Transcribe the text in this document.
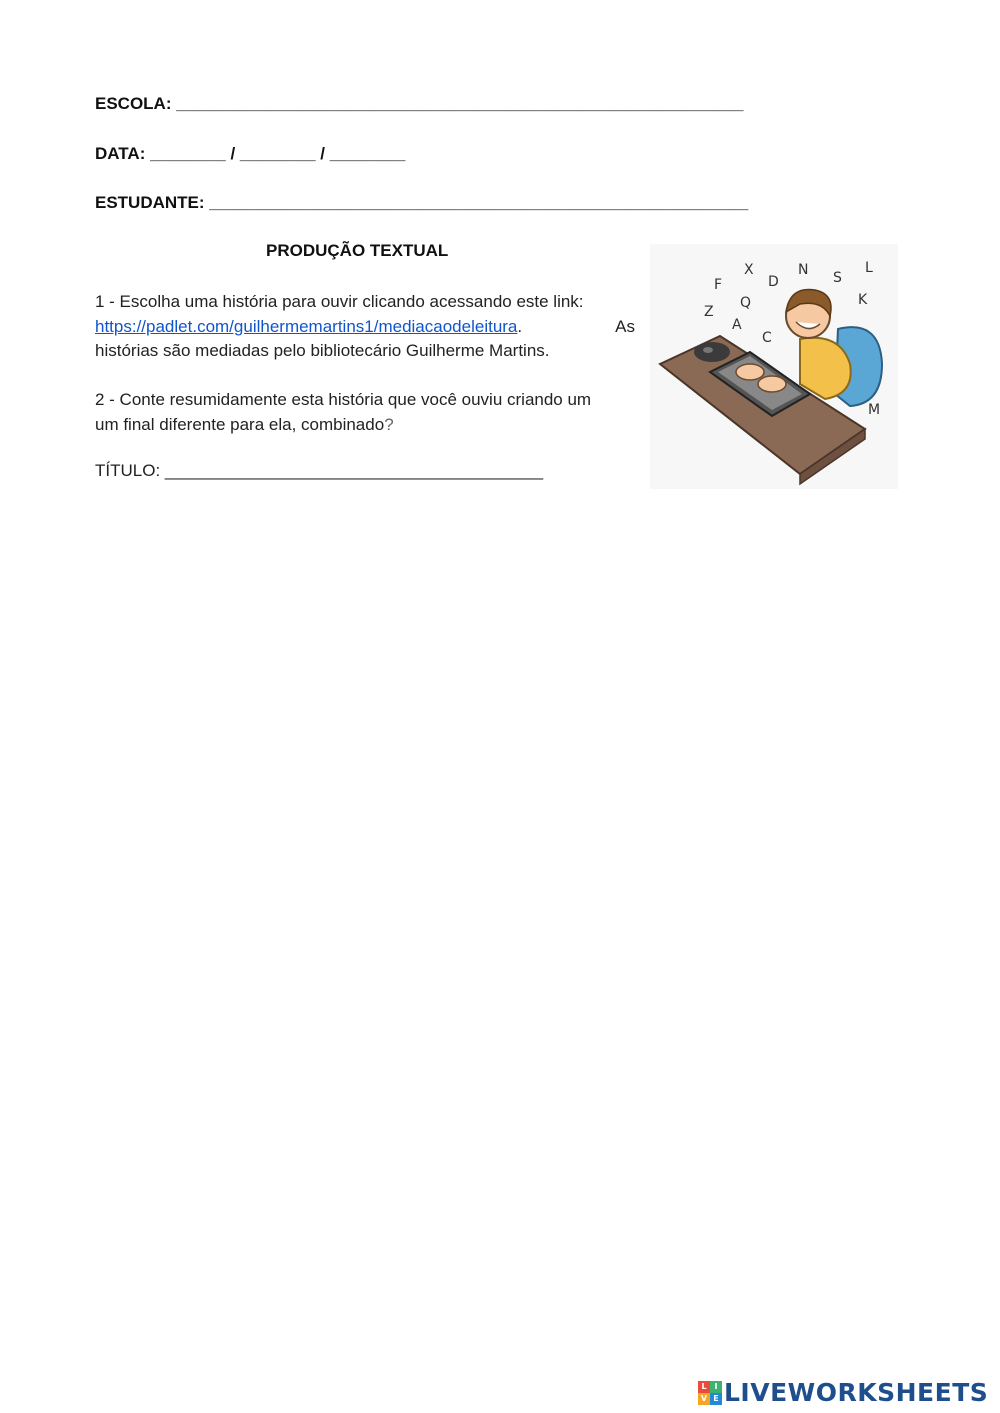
ESCOLA: ____________________________________________________________
DATA: ________ / ________ / ________
ESTUDANTE: _________________________________________________________
PRODUÇÃO TEXTUAL
1 - Escolha uma história para ouvir clicando acessando este link:
https://padlet.com/guilhermemartins1/mediacaodeleitura.	As
histórias são mediadas pelo bibliotecário Guilherme Martins.
2 - Conte resumidamente esta história que você ouviu criando um
um final diferente para ela, combinado?
TÍTULO: ________________________________________
X	N	L
F	D	S
K
Z
Q
A
C
M
L I
V E LIVEWORKSHEETS
